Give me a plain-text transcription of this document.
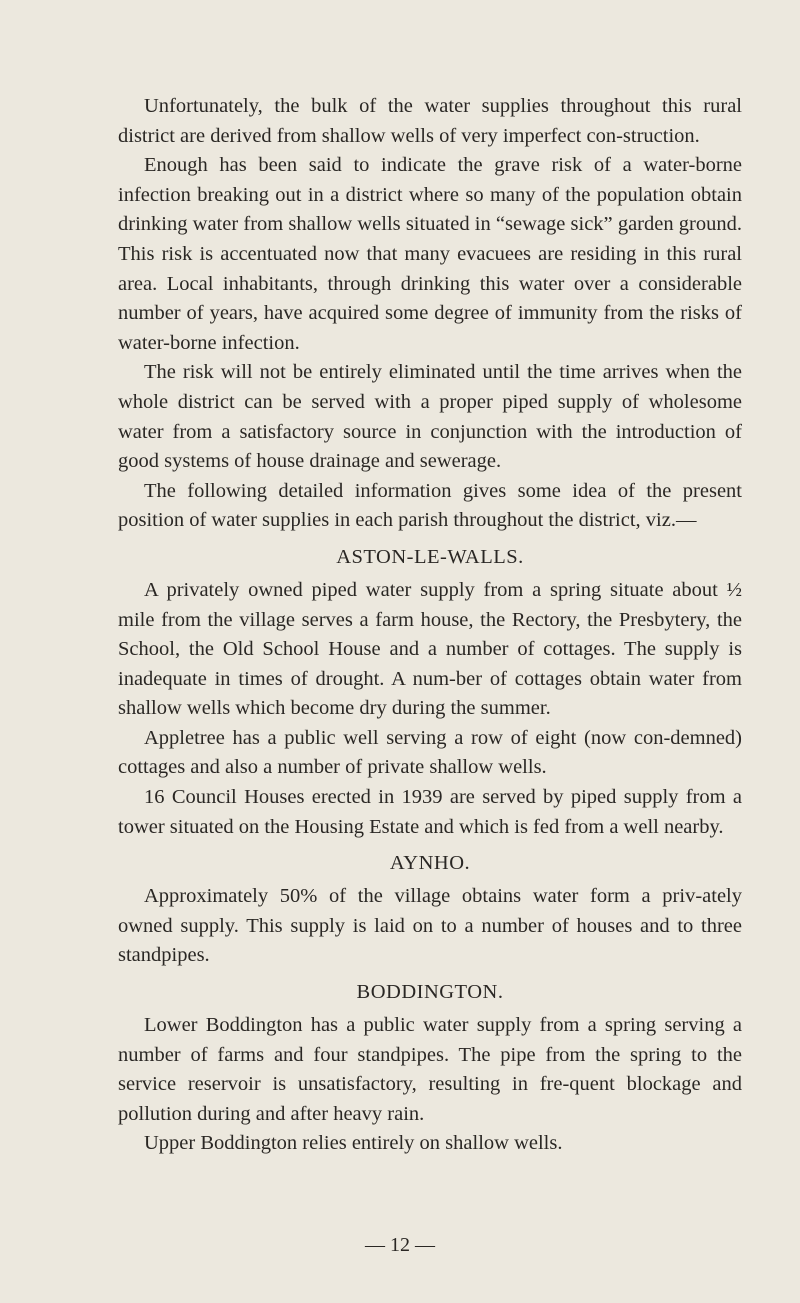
Unfortunately, the bulk of the water supplies throughout this rural district are derived from shallow wells of very imperfect con-struction.

Enough has been said to indicate the grave risk of a water-borne infection breaking out in a district where so many of the population obtain drinking water from shallow wells situated in “sewage sick” garden ground. This risk is accentuated now that many evacuees are residing in this rural area. Local inhabitants, through drinking this water over a considerable number of years, have acquired some degree of immunity from the risks of water-borne infection.

The risk will not be entirely eliminated until the time arrives when the whole district can be served with a proper piped supply of wholesome water from a satisfactory source in conjunction with the introduction of good systems of house drainage and sewerage.

The following detailed information gives some idea of the present position of water supplies in each parish throughout the district, viz.—

ASTON-LE-WALLS.

A privately owned piped water supply from a spring situate about ½ mile from the village serves a farm house, the Rectory, the Presbytery, the School, the Old School House and a number of cottages. The supply is inadequate in times of drought. A num-ber of cottages obtain water from shallow wells which become dry during the summer.

Appletree has a public well serving a row of eight (now con-demned) cottages and also a number of private shallow wells.

16 Council Houses erected in 1939 are served by piped supply from a tower situated on the Housing Estate and which is fed from a well nearby.

AYNHO.

Approximately 50% of the village obtains water form a priv-ately owned supply. This supply is laid on to a number of houses and to three standpipes.

BODDINGTON.

Lower Boddington has a public water supply from a spring serving a number of farms and four standpipes. The pipe from the spring to the service reservoir is unsatisfactory, resulting in fre-quent blockage and pollution during and after heavy rain.

Upper Boddington relies entirely on shallow wells.

— 12 —
